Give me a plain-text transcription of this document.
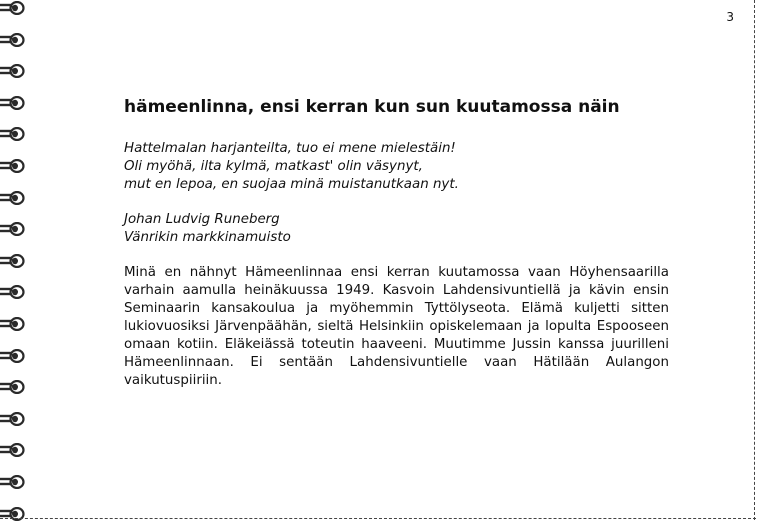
3
hämeenlinna, ensi kerran kun sun kuutamossa näin
Hattelmalan harjanteilta, tuo ei mene mielestäin!
Oli myöhä, ilta kylmä, matkast' olin väsynyt,
mut en lepoa, en suojaa minä muistanutkaan nyt.
Johan Ludvig Runeberg
Vänrikin markkinamuisto

Minä en nähnyt Hämeenlinnaa ensi kerran kuutamossa vaan Höyhensaarilla varhain aamulla heinäkuussa 1949. Kasvoin Lahdensivuntiellä ja kävin ensin Seminaarin kansakoulua ja myöhemmin Tyttölyseota. Elämä kuljetti sitten lukiovuosiksi Järvenpäähän, sieltä Helsinkiin opiskelemaan ja lopulta Espooseen omaan kotiin. Eläkeiässä toteutin haaveeni. Muutimme Jussin kanssa juurilleni Hämeenlinnaan. Ei sentään Lahdensivuntielle vaan Hätilään Aulangon vaikutuspiiriin.
